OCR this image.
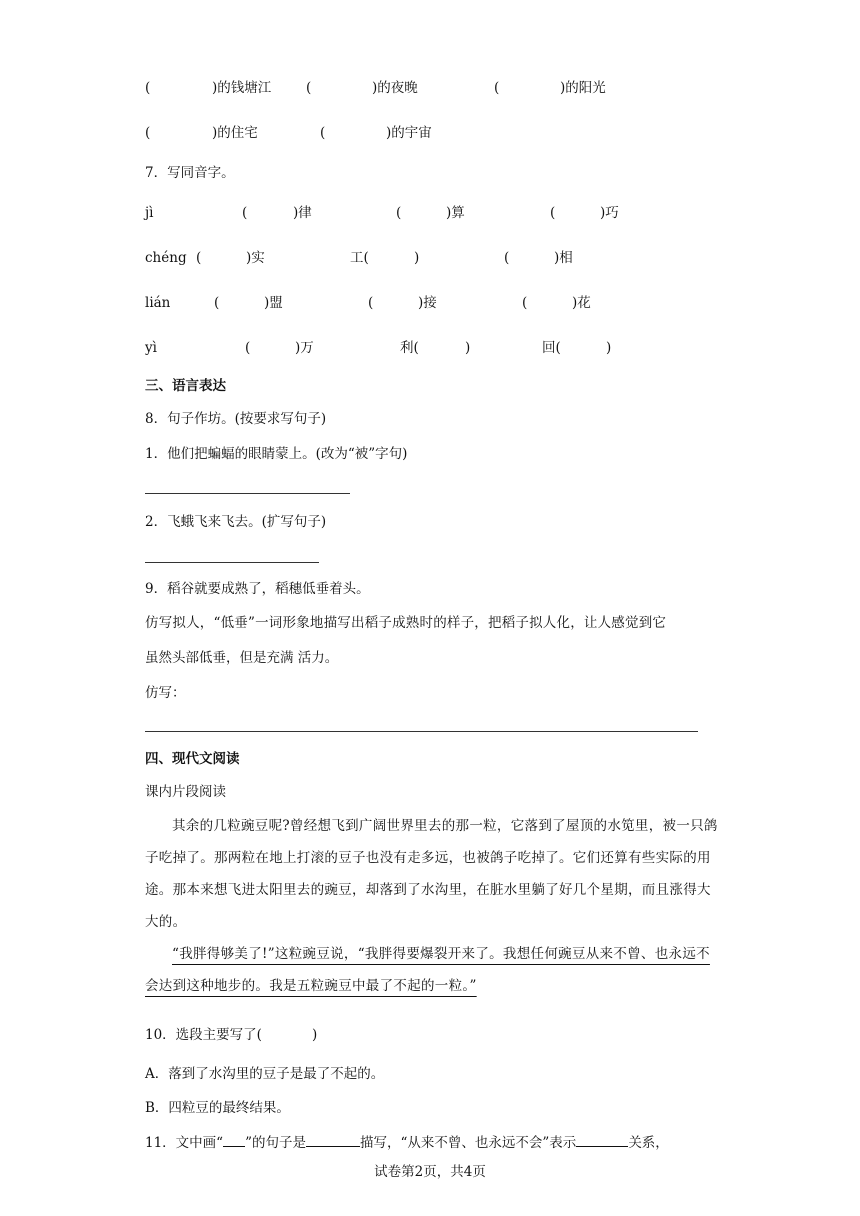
(	)的钱塘江	(	)的夜晚	(	)的阳光
(	)的住宅	(	)的宇宙
7．写同音字。
jì	(	)律	(	)算	(	)巧
chéng (	)实	工(	)	(	)相
lián	(	)盟	(	)接	(	)花
yì	(	)万	利(	)	回(	)
三、语言表达
8．句子作坊。(按要求写句子)
1．他们把蝙蝠的眼睛蒙上。(改为“被”字句)
2．飞蛾飞来飞去。(扩写句子)
9．稻谷就要成熟了，稻穗低垂着头。
仿写拟人，“低垂”一词形象地描写出稻子成熟时的样子，把稻子拟人化，让人感觉到它
虽然头部低垂，但是充满 活力。
仿写：
四、现代文阅读
课内片段阅读

其余的几粒豌豆呢?曾经想飞到广阔世界里去的那一粒，它落到了屋顶的水笕里，被一只鸽子吃掉了。那两粒在地上打滚的豆子也没有走多远，也被鸽子吃掉了。它们还算有些实际的用途。那本来想飞进太阳里去的豌豆，却落到了水沟里，在脏水里躺了好几个星期，而且涨得大大的。

“我胖得够美了!”这粒豌豆说，“我胖得要爆裂开来了。我想任何豌豆从来不曾、也永远不会达到这种地步的。我是五粒豌豆中最了不起的一粒。”

10．选段主要写了(	)
A．落到了水沟里的豆子是最了不起的。
B．四粒豆的最终结果。
11．文中画“ ”的句子是	描写，“从来不曾、也永远不会”表示	关系，
试卷第2页，共4页
